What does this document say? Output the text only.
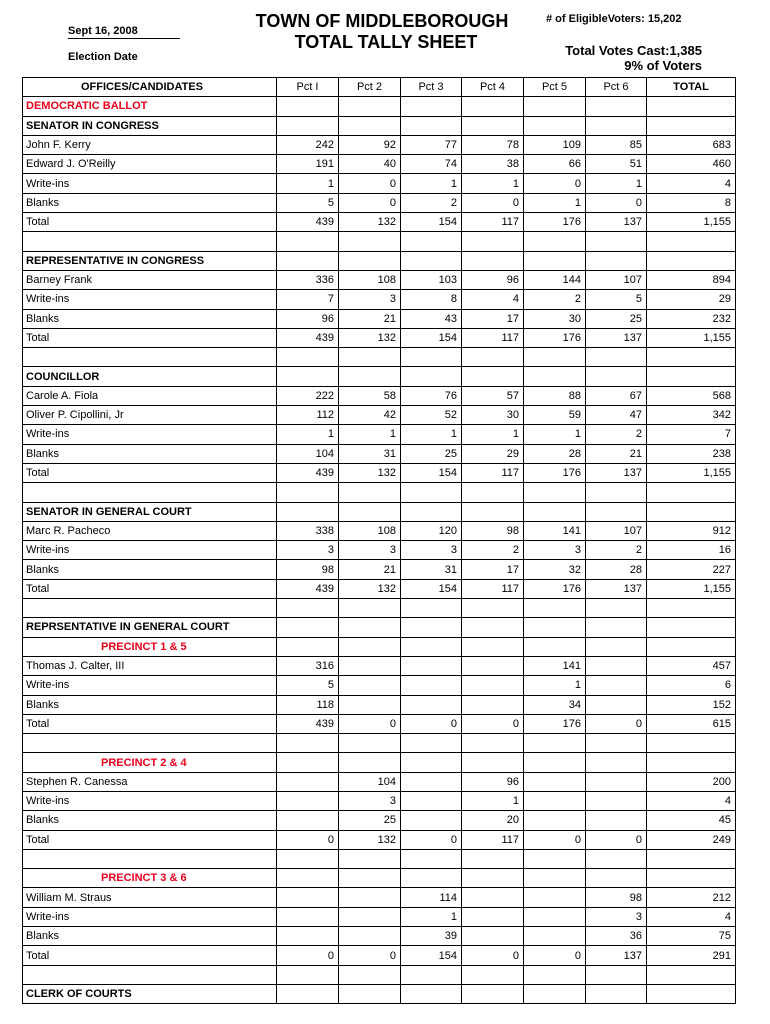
Sept 16, 2008
Election Date
TOWN OF MIDDLEBOROUGH
TOTAL TALLY SHEET
# of EligibleVoters: 15,202
Total Votes Cast:1,385
9% of Voters
OFFICES/CANDIDATES	Pct I	Pct 2	Pct 3	Pct 4	Pct 5	Pct 6	TOTAL
DEMOCRATIC BALLOT							
SENATOR IN CONGRESS							
John F. Kerry	242	92	77	78	109	85	683
Edward J. O'Reilly	191	40	74	38	66	51	460
Write-ins	1	0	1	1	0	1	4
Blanks	5	0	2	0	1	0	8
Total	439	132	154	117	176	137	1,155

REPRESENTATIVE IN CONGRESS							
Barney Frank	336	108	103	96	144	107	894
Write-ins	7	3	8	4	2	5	29
Blanks	96	21	43	17	30	25	232
Total	439	132	154	117	176	137	1,155

COUNCILLOR							
Carole A. Fiola	222	58	76	57	88	67	568
Oliver P. Cipollini, Jr	112	42	52	30	59	47	342
Write-ins	1	1	1	1	1	2	7
Blanks	104	31	25	29	28	21	238
Total	439	132	154	117	176	137	1,155

SENATOR IN GENERAL COURT							
Marc R. Pacheco	338	108	120	98	141	107	912
Write-ins	3	3	3	2	3	2	16
Blanks	98	21	31	17	32	28	227
Total	439	132	154	117	176	137	1,155

REPRSENTATIVE IN GENERAL COURT							
PRECINCT 1 & 5							
Thomas J. Calter, III	316				141		457
Write-ins	5				1		6
Blanks	118				34		152
Total	439	0	0	0	176	0	615

PRECINCT 2 & 4							
Stephen R. Canessa		104		96			200
Write-ins		3		1			4
Blanks		25		20			45
Total	0	132	0	117	0	0	249

PRECINCT 3 & 6							
William M. Straus			114			98	212
Write-ins			1			3	4
Blanks			39			36	75
Total	0	0	154	0	0	137	291

CLERK OF COURTS							
